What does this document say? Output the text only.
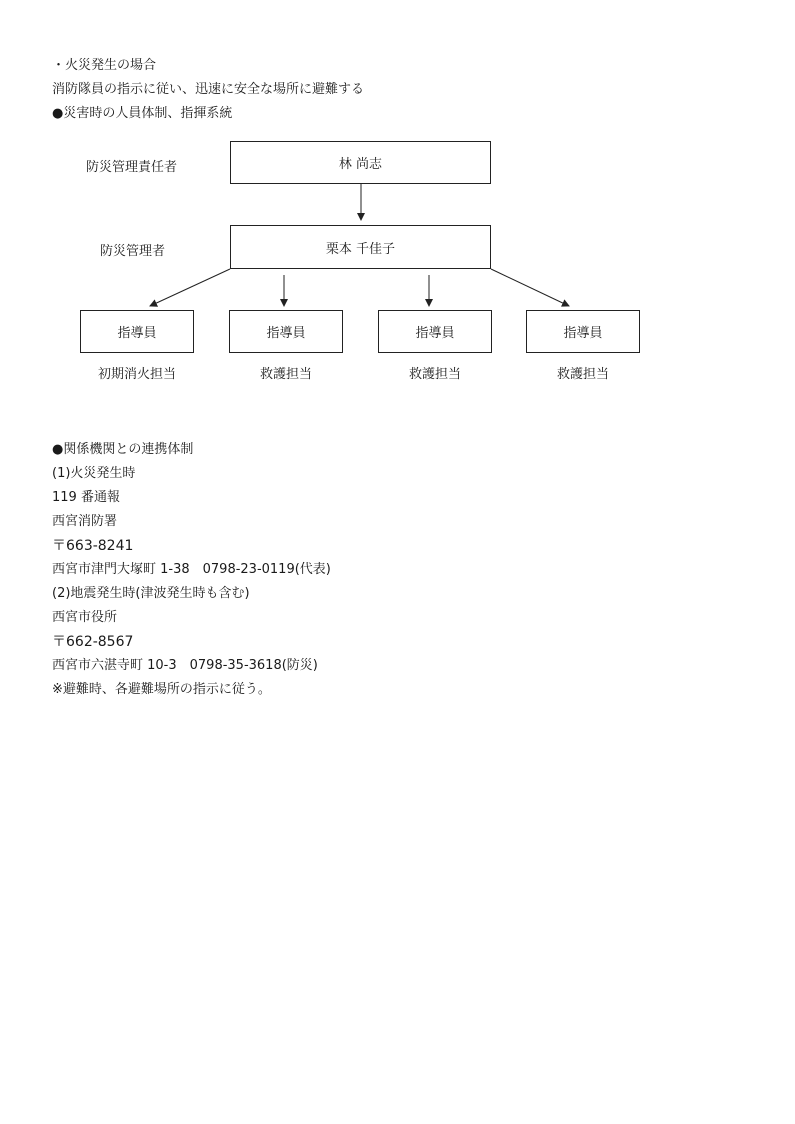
・火災発生の場合
消防隊員の指示に従い、迅速に安全な場所に避難する
●災害時の人員体制、指揮系統
防災管理責任者	林 尚志
防災管理者	栗本 千佳子
指導員	指導員	指導員	指導員
初期消火担当	救護担当	救護担当	救護担当
●関係機関との連携体制
(1)火災発生時
119 番通報
西宮消防署
〒663-8241
西宮市津門大塚町 1-38　0798-23-0119(代表)
(2)地震発生時(津波発生時も含む)
西宮市役所
〒662-8567
西宮市六湛寺町 10-3　0798-35-3618(防災)
※避難時、各避難場所の指示に従う。
